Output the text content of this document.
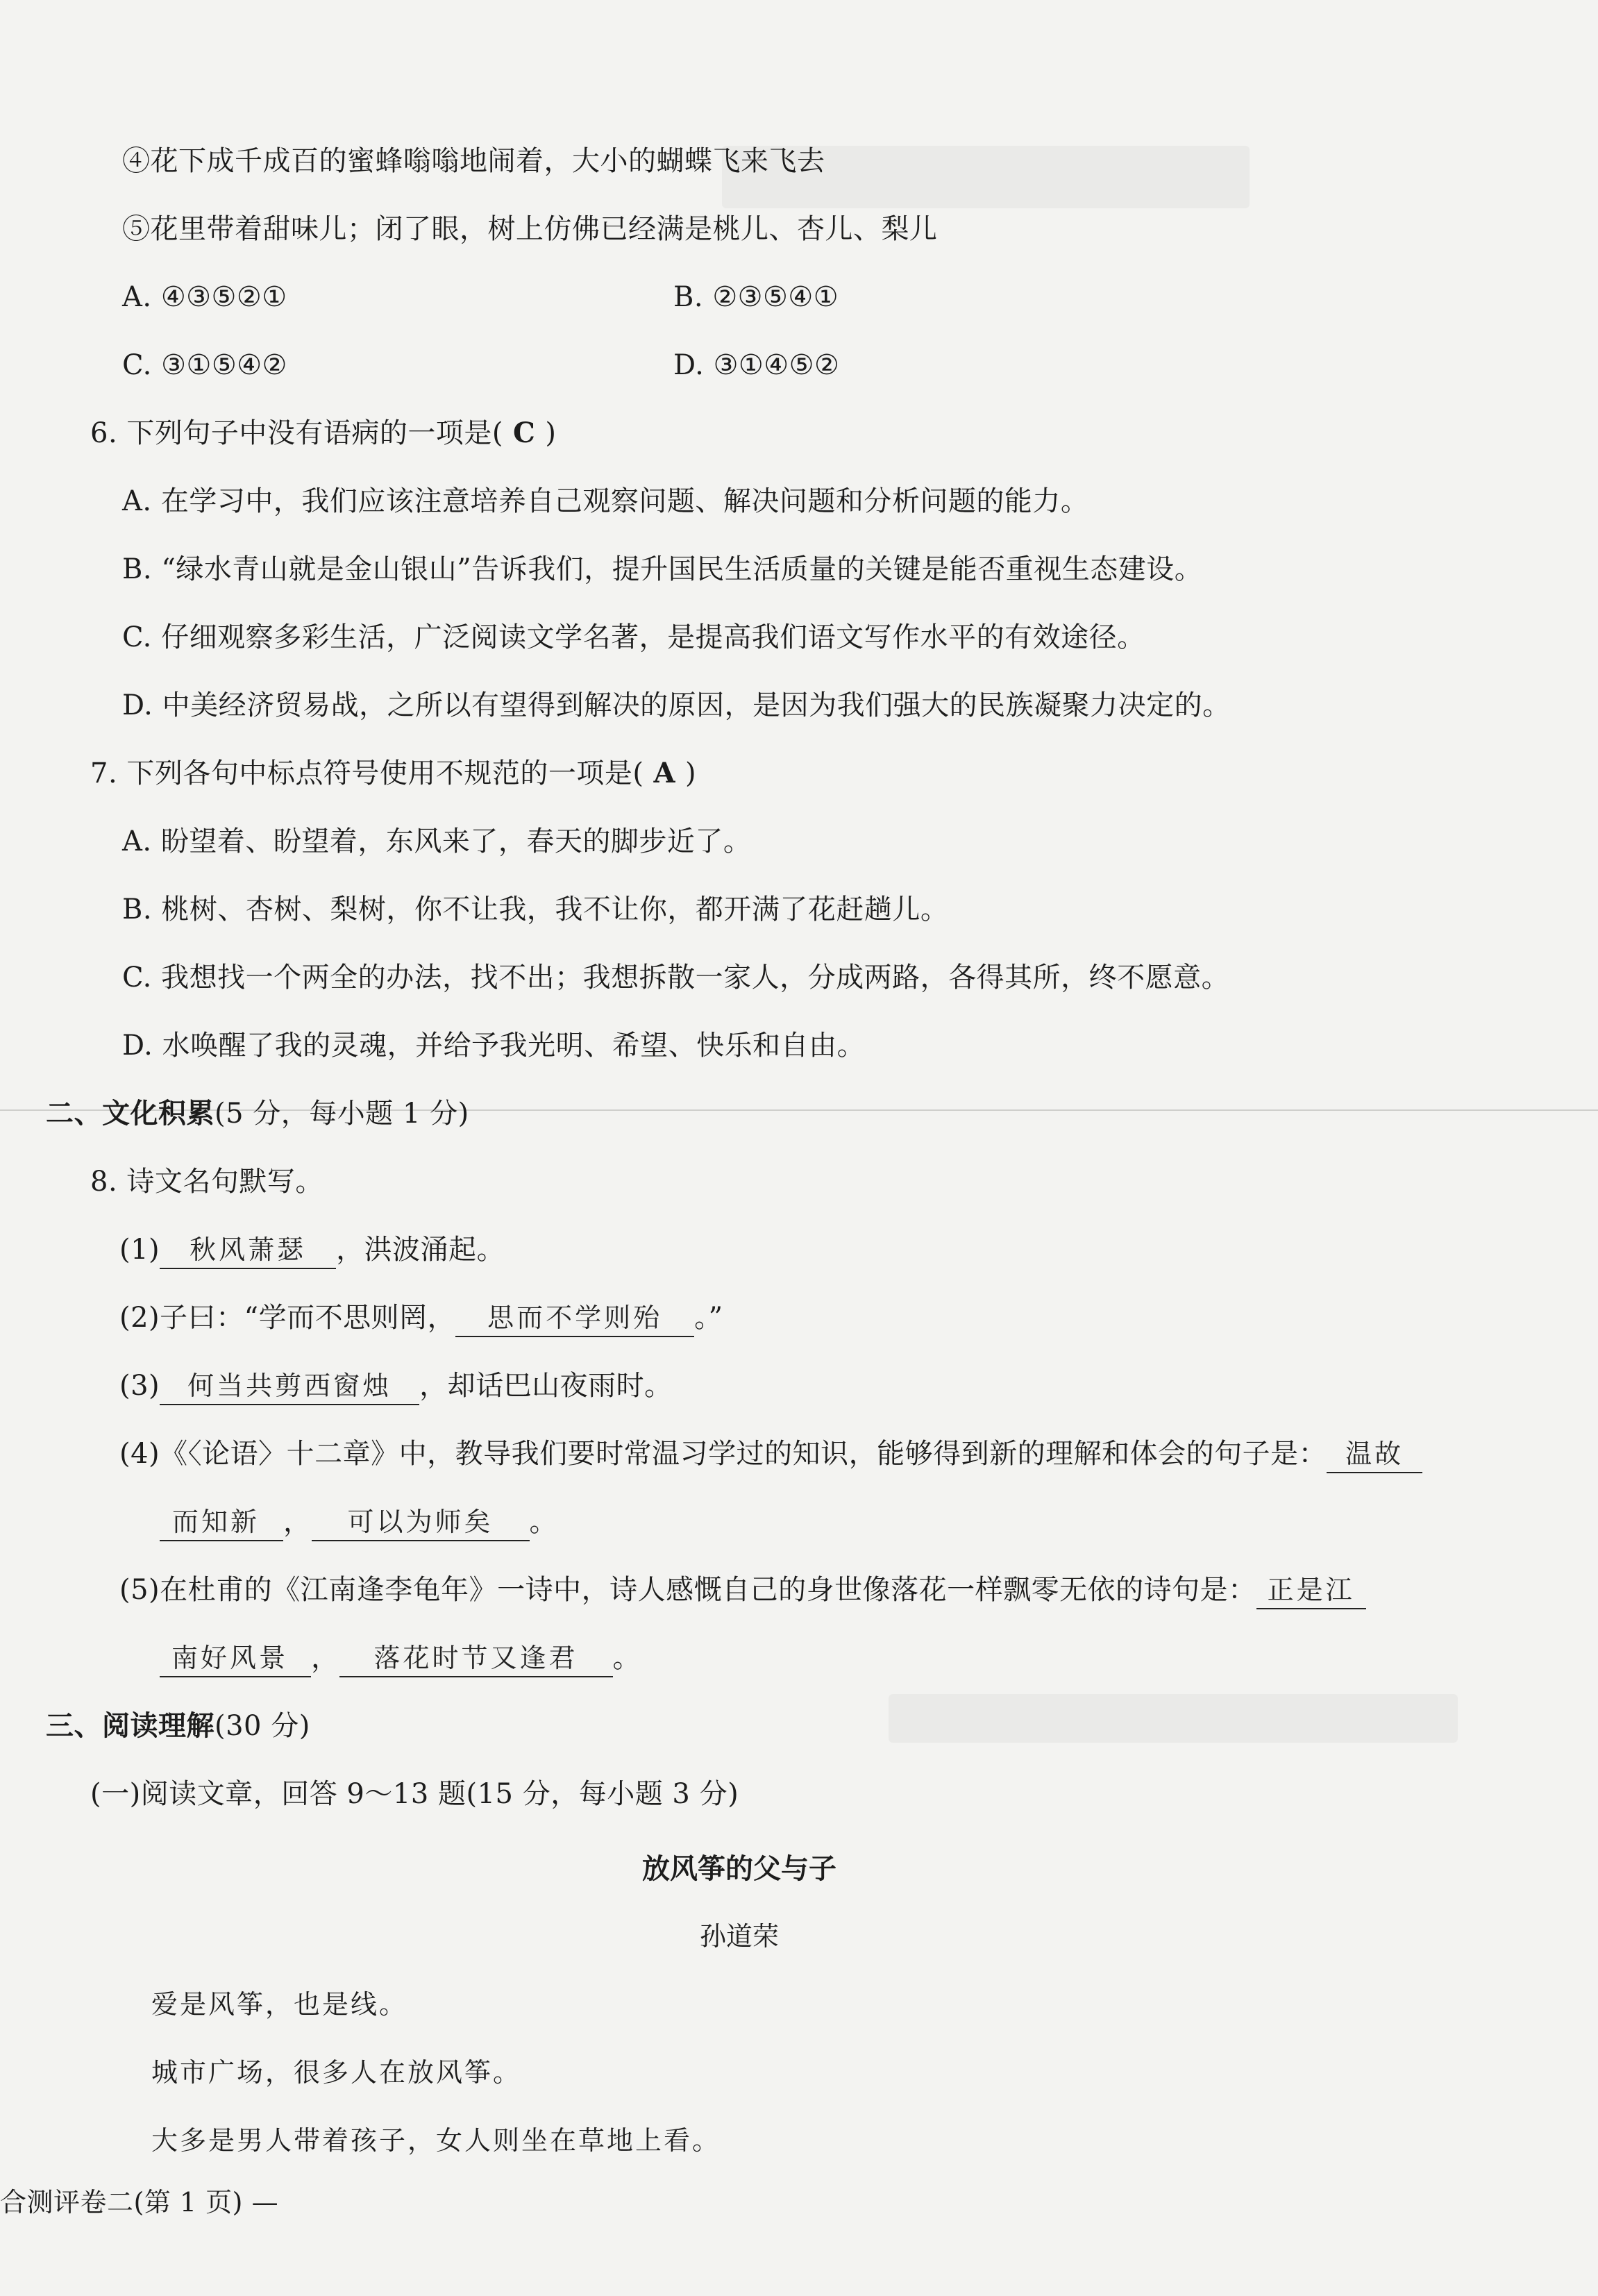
④花下成千成百的蜜蜂嗡嗡地闹着，大小的蝴蝶飞来飞去
⑤花里带着甜味儿；闭了眼，树上仿佛已经满是桃儿、杏儿、梨儿
A. ④③⑤②①	B. ②③⑤④①
C. ③①⑤④②	D. ③①④⑤②
6. 下列句子中没有语病的一项是( C )
A. 在学习中，我们应该注意培养自己观察问题、解决问题和分析问题的能力。
B. “绿水青山就是金山银山”告诉我们，提升国民生活质量的关键是能否重视生态建设。
C. 仔细观察多彩生活，广泛阅读文学名著，是提高我们语文写作水平的有效途径。
D. 中美经济贸易战，之所以有望得到解决的原因，是因为我们强大的民族凝聚力决定的。
7. 下列各句中标点符号使用不规范的一项是( A )
A. 盼望着、盼望着，东风来了，春天的脚步近了。
B. 桃树、杏树、梨树，你不让我，我不让你，都开满了花赶趟儿。
C. 我想找一个两全的办法，找不出；我想拆散一家人，分成两路，各得其所，终不愿意。
D. 水唤醒了我的灵魂，并给予我光明、希望、快乐和自由。
二、文化积累(5 分，每小题 1 分)
8. 诗文名句默写。
(1) 秋风萧瑟 ，洪波涌起。
(2)子曰：“学而不思则罔， 思而不学则殆 。”
(3) 何当共剪西窗烛 ，却话巴山夜雨时。
(4)《〈论语〉十二章》中，教导我们要时常温习学过的知识，能够得到新的理解和体会的句子是： 温故
而知新 ， 可以为师矣 。
(5)在杜甫的《江南逢李龟年》一诗中，诗人感慨自己的身世像落花一样飘零无依的诗句是： 正是江
南好风景 ， 落花时节又逢君 。
三、阅读理解(30 分)
(一)阅读文章，回答 9～13 题(15 分，每小题 3 分)
放风筝的父与子
孙道荣
爱是风筝，也是线。
城市广场，很多人在放风筝。
大多是男人带着孩子，女人则坐在草地上看。
合测评卷二(第 1 页) —
